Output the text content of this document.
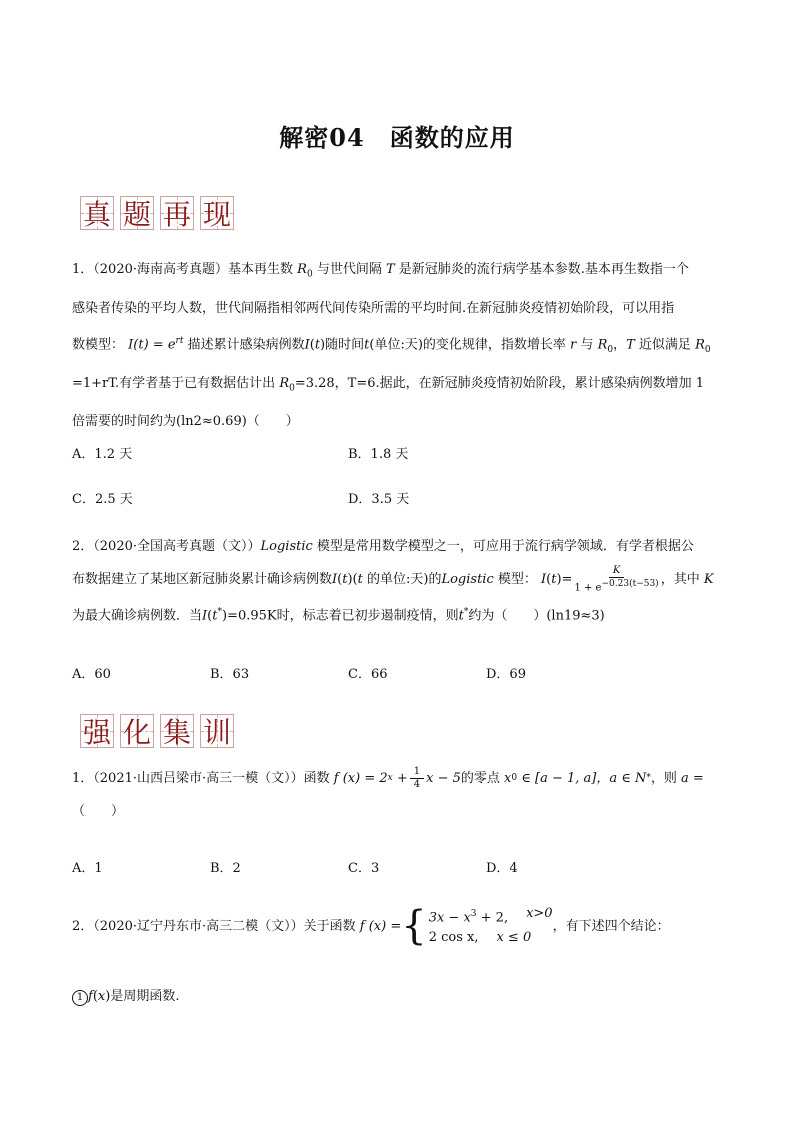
解密04　函数的应用
真 题 再 现
1．（2020·海南高考真题）基本再生数 $R_0$ 与世代间隔 T 是新冠肺炎的流行病学基本参数.基本再生数指一个
感染者传染的平均人数，世代间隔指相邻两代间传染所需的平均时间.在新冠肺炎疫情初始阶段，可以用指
数模型： $I(t) = e^{rt}$ 描述累计感染病例数I(t)随时间t(单位:天)的变化规律，指数增长率 r 与 $R_0$，T 近似满足 $R_0$
=1+rT.有学者基于已有数据估计出 $R_0=3.28$，T=6.据此，在新冠肺炎疫情初始阶段，累计感染病例数增加 1
倍需要的时间约为(ln2≈0.69)（　　）
A．1.2 天	B．1.8 天
C．2.5 天	D．3.5 天
2．（2020·全国高考真题（文））Logistic 模型是常用数学模型之一，可应用于流行病学领域．有学者根据公
布数据建立了某地区新冠肺炎累计确诊病例数 I ( t )( t
的单位:天)的 Logistic
模型：
I ( t )= $\frac{K}{1 + e^{-0.23(t-53)}}$ ，其中
K
为最大确诊病例数．当I(t*)=0.95K时，标志着已初步遏制疫情，则t*约为（　　）(ln19≈3)
A．60	B．63	C．66	D．69
强 化 集 训
1．（2021·山西吕梁市·高三一模（文）） 函数
f (x) = 2 $x + \frac{1}{4}$ x − 5 的零点
x 0
∈ [a − 1, a]，a ∈ N * ，则
a =
（　　）
A．1	B．2	C．3	D．4
2．（2020·辽宁丹东市·高三二模（文）） 关于函数
f (x) = { $3x - x^3 + 2$, x>0
2 cos x, x ≤ 0
，有下述四个结论：
1 f(x)是周期函数.
